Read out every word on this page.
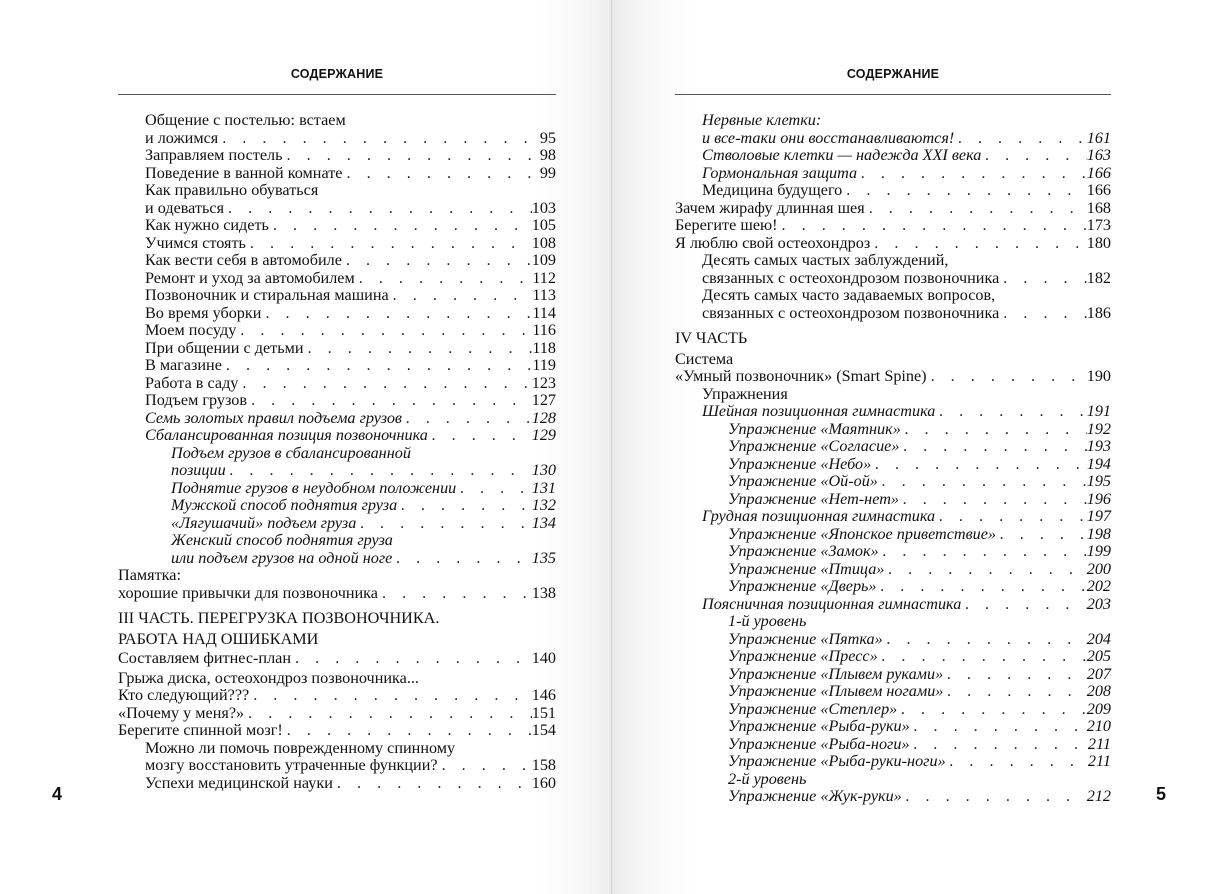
СОДЕРЖАНИЕ
Общение с постелью: встаем
и ложимся . . .	95
Заправляем постель . . .	98
Поведение в ванной комнате . . .	99
Как правильно обуваться
и одеваться . . .	103
Как нужно сидеть . . .	105
Учимся стоять . . .	108
Как вести себя в автомобиле . . .	109
Ремонт и уход за автомобилем . . .	112
Позвоночник и стиральная машина . . .	113
Во время уборки . . .	114
Моем посуду . . .	116
При общении с детьми . . .	118
В магазине . . .	119
Работа в саду . . .	123
Подъем грузов . . .	127
Семь золотых правил подъема грузов . . .	128
Сбалансированная позиция позвоночника . . .	129
Подъем грузов в сбалансированной
позиции . . .	130
Поднятие грузов в неудобном положении . . .	131
Мужской способ поднятия груза . . .	132
«Лягушачий» подъем груза . . .	134
Женский способ поднятия груза
или подъем грузов на одной ноге . . .	135
Памятка:
хорошие привычки для позвоночника . . .	138
III ЧАСТЬ. ПЕРЕГРУЗКА ПОЗВОНОЧНИКА.
РАБОТА НАД ОШИБКАМИ
Составляем фитнес-план . . .	140
Грыжа диска, остеохондроз позвоночника...
Кто следующий??? . . .	146
«Почему у меня?» . . .	151
Берегите спинной мозг! . . .	154
Можно ли помочь поврежденному спинному
мозгу восстановить утраченные функции? . . .	158
Успехи медицинской науки . . .	160
4
СОДЕРЖАНИЕ
Нервные клетки:
и все-таки они восстанавливаются! . . .	161
Стволовые клетки — надежда XXI века . . .	163
Гормональная защита . . .	166
Медицина будущего . . .	166
Зачем жирафу длинная шея . . .	168
Берегите шею! . . .	173
Я люблю свой остеохондроз . . .	180
Десять самых частых заблуждений,
связанных с остеохондрозом позвоночника . . .	182
Десять самых часто задаваемых вопросов,
связанных с остеохондрозом позвоночника . . .	186
IV ЧАСТЬ
Система
«Умный позвоночник» (Smart Spine) . . .	190
Упражнения
Шейная позиционная гимнастика . . .	191
Упражнение «Маятник» . . .	192
Упражнение «Согласие» . . .	193
Упражнение «Небо» . . .	194
Упражнение «Ой-ой» . . .	195
Упражнение «Нет-нет» . . .	196
Грудная позиционная гимнастика . . .	197
Упражнение «Японское приветствие» . . .	198
Упражнение «Замок» . . .	199
Упражнение «Птица» . . .	200
Упражнение «Дверь» . . .	202
Поясничная позиционная гимнастика . . .	203
1-й уровень
Упражнение «Пятка» . . .	204
Упражнение «Пресс» . . .	205
Упражнение «Плывем руками» . . .	207
Упражнение «Плывем ногами» . . .	208
Упражнение «Степлер» . . .	209
Упражнение «Рыба-руки» . . .	210
Упражнение «Рыба-ноги» . . .	211
Упражнение «Рыба-руки-ноги» . . .	211
2-й уровень
Упражнение «Жук-руки» . . .	212	5
